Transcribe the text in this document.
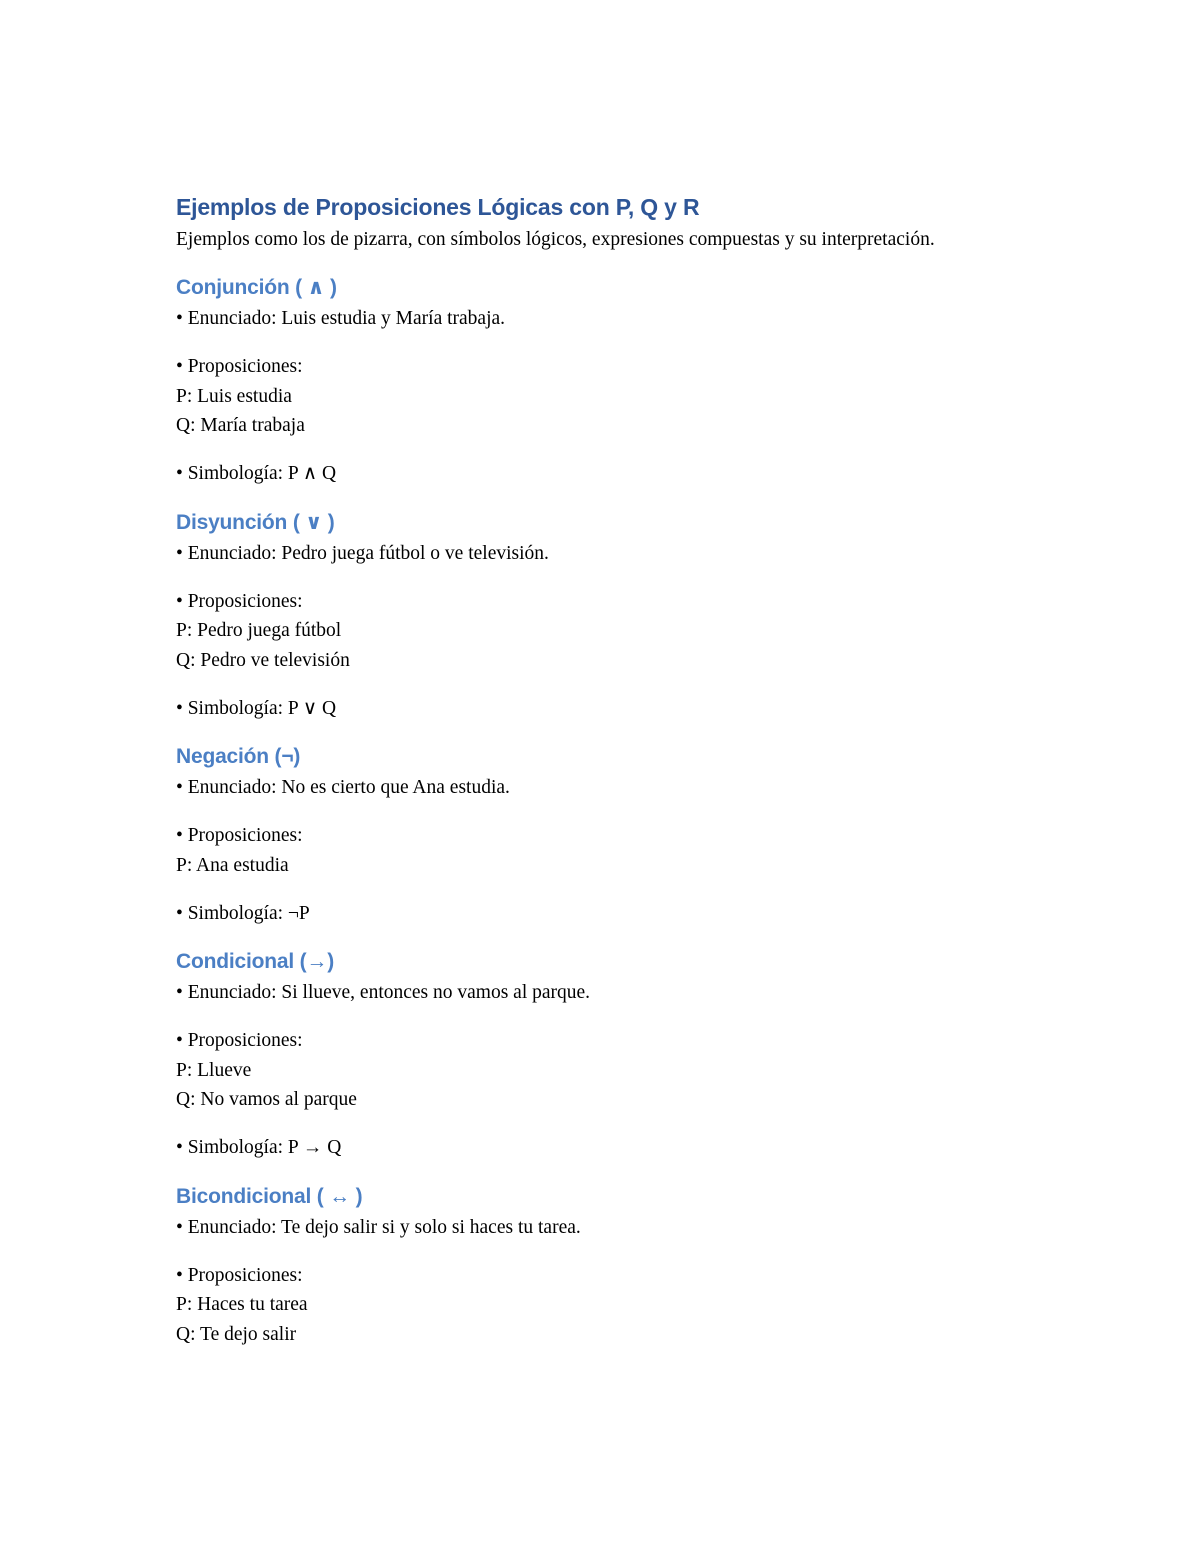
Ejemplos de Proposiciones Lógicas con P, Q y R

Ejemplos como los de pizarra, con símbolos lógicos, expresiones compuestas y su interpretación.

Conjunción ( ∧ )

• Enunciado: Luis estudia y María trabaja.

• Proposiciones:

P: Luis estudia

Q: María trabaja

• Simbología: P ∧ Q

Disyunción ( ∨ )

• Enunciado: Pedro juega fútbol o ve televisión.

• Proposiciones:

P: Pedro juega fútbol

Q: Pedro ve televisión

• Simbología: P ∨ Q

Negación (¬)

• Enunciado: No es cierto que Ana estudia.

• Proposiciones:

P: Ana estudia

• Simbología: ¬P

Condicional (→)

• Enunciado: Si llueve, entonces no vamos al parque.

• Proposiciones:

P: Llueve

Q: No vamos al parque

• Simbología: P → Q

Bicondicional ( ↔ )

• Enunciado: Te dejo salir si y solo si haces tu tarea.

• Proposiciones:

P: Haces tu tarea

Q: Te dejo salir
